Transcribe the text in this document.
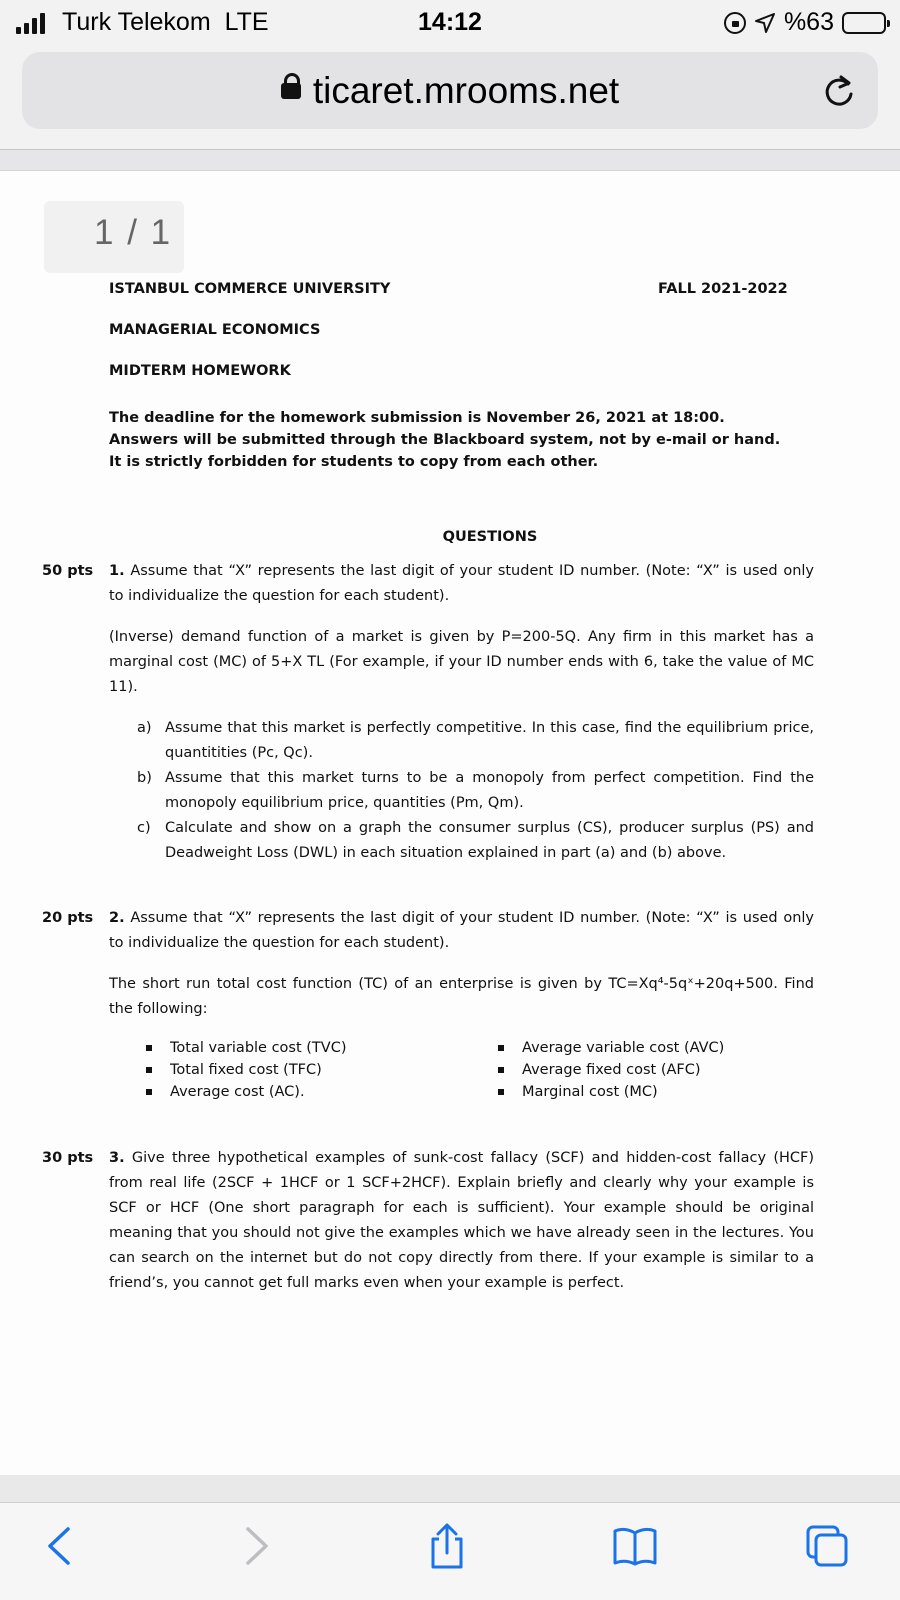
Turk Telekom LTE	14:12	%63
ticaret.mrooms.net
1 / 1
ISTANBUL COMMERCE UNIVERSITY	FALL 2021-2022
MANAGERIAL ECONOMICS
MIDTERM HOMEWORK
The deadline for the homework submission is November 26, 2021 at 18:00.
Answers will be submitted through the Blackboard system, not by e-mail or hand.
It is strictly forbidden for students to copy from each other.
QUESTIONS
50 pts 1. Assume that “X” represents the last digit of your student ID number. (Note: “X” is used only to individualize the question for each student).
(Inverse) demand function of a market is given by P=200-5Q. Any firm in this market has a marginal cost (MC) of 5+X TL (For example, if your ID number ends with 6, take the value of MC 11).
a) Assume that this market is perfectly competitive. In this case, find the equilibrium price, quantitities (Pc, Qc).
b) Assume that this market turns to be a monopoly from perfect competition. Find the monopoly equilibrium price, quantities (Pm, Qm).
c) Calculate and show on a graph the consumer surplus (CS), producer surplus (PS) and Deadweight Loss (DWL) in each situation explained in part (a) and (b) above.
20 pts 2. Assume that “X” represents the last digit of your student ID number. (Note: “X” is used only to individualize the question for each student).
The short run total cost function (TC) of an enterprise is given by TC=Xq⁴-5qˣ+20q+500. Find the following:
Total variable cost (TVC)	Average variable cost (AVC)
Total fixed cost (TFC)	Average fixed cost (AFC)
Average cost (AC).	Marginal cost (MC)
30 pts 3. Give three hypothetical examples of sunk-cost fallacy (SCF) and hidden-cost fallacy (HCF) from real life (2SCF + 1HCF or 1 SCF+2HCF). Explain briefly and clearly why your example is SCF or HCF (One short paragraph for each is sufficient). Your example should be original meaning that you should not give the examples which we have already seen in the lectures. You can search on the internet but do not copy directly from there. If your example is similar to a friend’s, you cannot get full marks even when your example is perfect.
